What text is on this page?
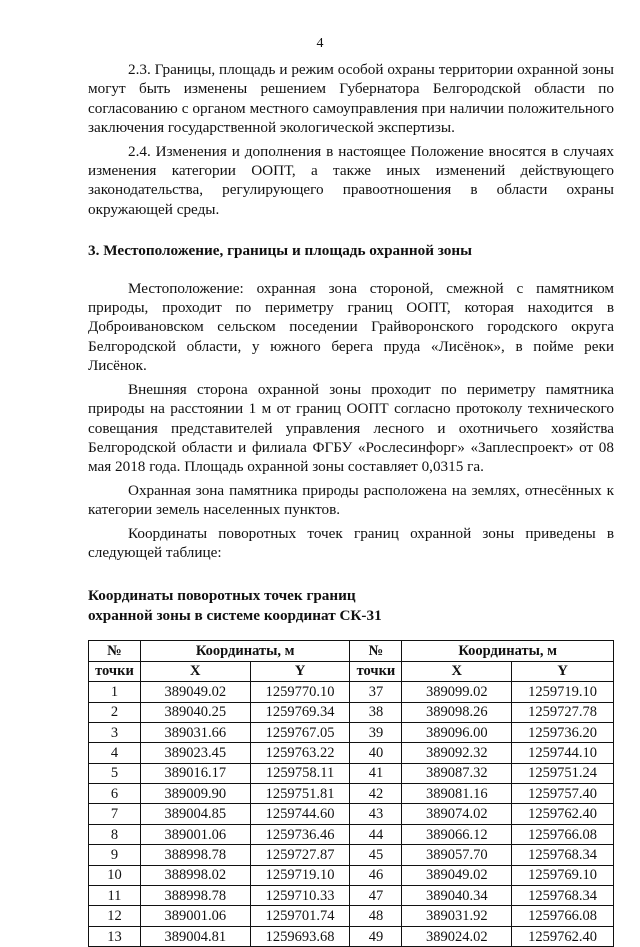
4

2.3. Границы, площадь и режим особой охраны территории охранной зоны могут быть изменены решением Губернатора Белгородской области по согласованию с органом местного самоуправления при наличии положительного заключения государственной экологической экспертизы.

2.4. Изменения и дополнения в настоящее Положение вносятся в случаях изменения категории ООПТ, а также иных изменений действующего законодательства, регулирующего правоотношения в области охраны окружающей среды.

3. Местоположение, границы и площадь охранной зоны

Местоположение: охранная зона стороной, смежной с памятником природы, проходит по периметру границ ООПТ, которая находится в Доброивановском сельском поседении Грайворонского городского округа Белгородской области, у южного берега пруда «Лисёнок», в пойме реки Лисёнок.

Внешняя сторона охранной зоны проходит по периметру памятника природы на расстоянии 1 м от границ ООПТ согласно протоколу технического совещания представителей управления лесного и охотничьего хозяйства Белгородской области и филиала ФГБУ «Рослесинфорг» «Заплеспроект» от 08 мая 2018 года. Площадь охранной зоны составляет 0,0315 га.

Охранная зона памятника природы расположена на землях, отнесённых к категории земель населенных пунктов.

Координаты поворотных точек границ охранной зоны приведены в следующей таблице:

Координаты поворотных точек границ
охранной зоны в системе координат СК-31

№	Координаты, м		№	Координаты, м	
точки	X	Y	точки	X	Y
1	389049.02	1259770.10	37	389099.02	1259719.10
2	389040.25	1259769.34	38	389098.26	1259727.78
3	389031.66	1259767.05	39	389096.00	1259736.20
4	389023.45	1259763.22	40	389092.32	1259744.10
5	389016.17	1259758.11	41	389087.32	1259751.24
6	389009.90	1259751.81	42	389081.16	1259757.40
7	389004.85	1259744.60	43	389074.02	1259762.40
8	389001.06	1259736.46	44	389066.12	1259766.08
9	388998.78	1259727.87	45	389057.70	1259768.34
10	388998.02	1259719.10	46	389049.02	1259769.10
11	388998.78	1259710.33	47	389040.34	1259768.34
12	389001.06	1259701.74	48	389031.92	1259766.08
13	389004.81	1259693.68	49	389024.02	1259762.40
